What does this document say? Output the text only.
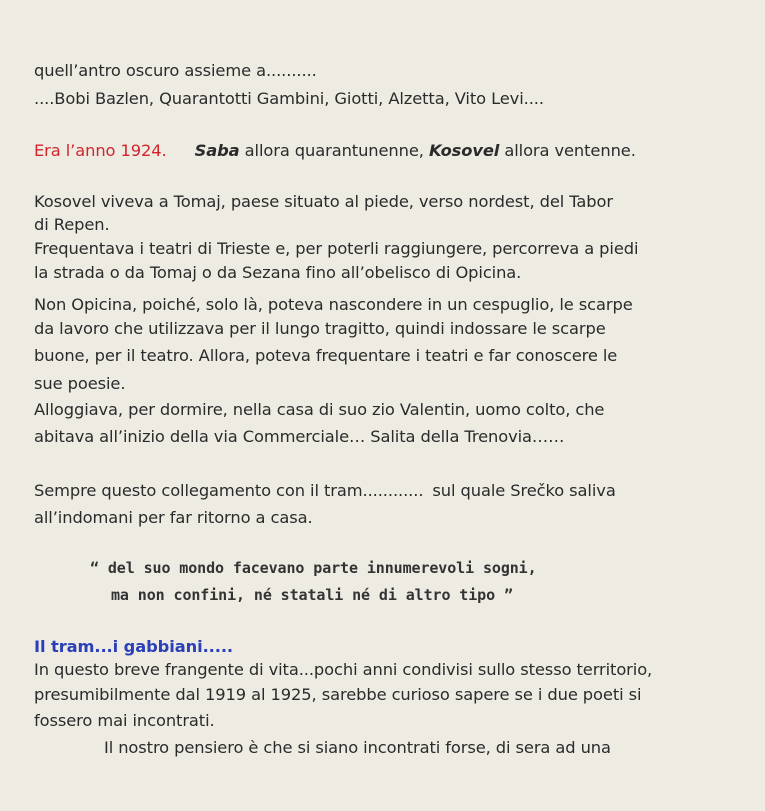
quell’antro oscuro assieme a..........
....Bobi Bazlen, Quarantotti Gambini, Giotti, Alzetta, Vito Levi....
Era l’anno 1924. Saba allora quarantunenne, Kosovel allora ventenne.
Kosovel viveva a Tomaj, paese situato al piede, verso nordest, del Tabor
di Repen.
Frequentava i teatri di Trieste e, per poterli raggiungere, percorreva a piedi
la strada o da Tomaj o da Sezana fino all’obelisco di Opicina.
Non Opicina, poiché, solo là, poteva nascondere in un cespuglio, le scarpe
da lavoro che utilizzava per il lungo tragitto, quindi indossare le scarpe
buone, per il teatro. Allora, poteva frequentare i teatri e far conoscere le
sue poesie.
Alloggiava, per dormire, nella casa di suo zio Valentin, uomo colto, che
abitava all’inizio della via Commerciale… Salita della Trenovia……
Sempre questo collegamento con il tram............ sul quale Srečko saliva
all’indomani per far ritorno a casa.
“ del suo mondo facevano parte innumerevoli sogni,
ma non confini, né statali né di altro tipo ”
Il tram...i gabbiani.....
In questo breve frangente di vita...pochi anni condivisi sullo stesso territorio,
presumibilmente dal 1919 al 1925, sarebbe curioso sapere se i due poeti si
fossero mai incontrati.
Il nostro pensiero è che si siano incontrati forse, di sera ad una
